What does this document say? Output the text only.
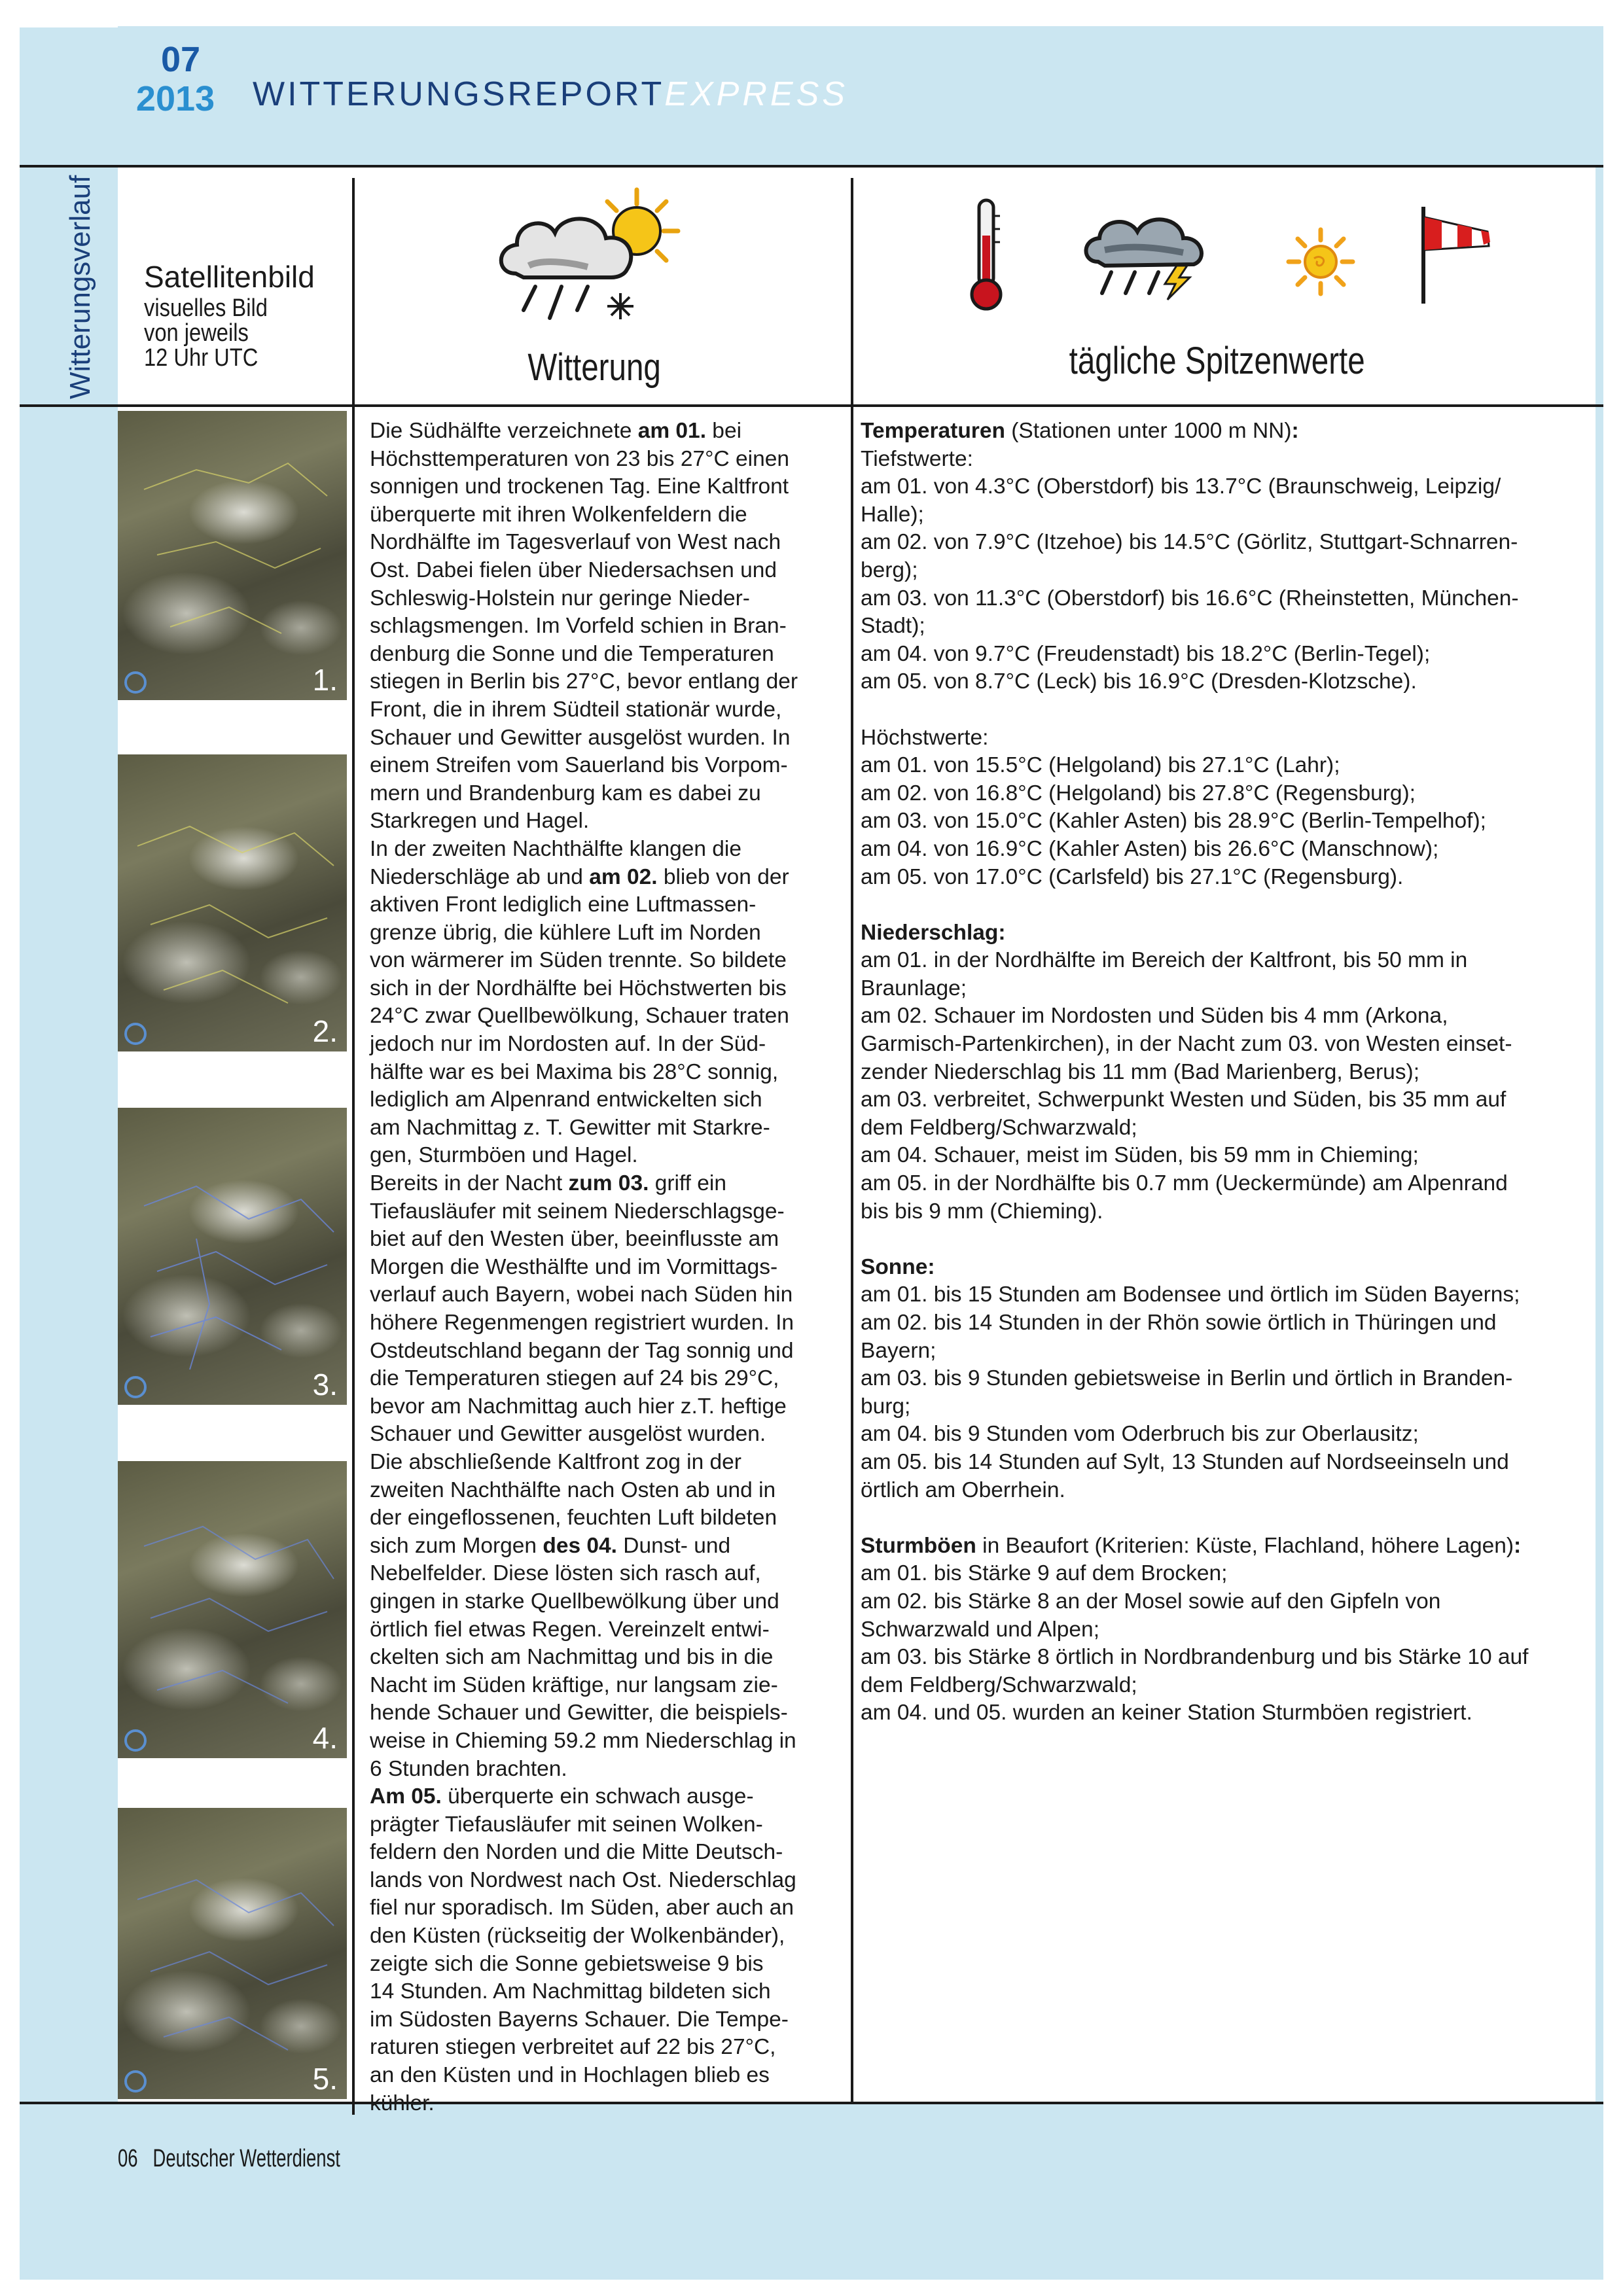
07
2013 WITTERUNGSREPORTEXPRESS
Witterungsverlauf Satellitenbild
visuelles Bild
von jeweils
12 Uhr UTC	Witterung	tägliche Spitzenwerte
1.
2.
3.
4.
5.

Die Südhälfte verzeichnete am 01. bei

Höchsttemperaturen von 23 bis 27°C einen

sonnigen und trockenen Tag. Eine Kaltfront

überquerte mit ihren Wolkenfeldern die

Nordhälfte im Tagesverlauf von West nach

Ost. Dabei fielen über Niedersachsen und

Schleswig-Holstein nur geringe Nieder-

schlagsmengen. Im Vorfeld schien in Bran-

denburg die Sonne und die Temperaturen

stiegen in Berlin bis 27°C, bevor entlang der

Front, die in ihrem Südteil stationär wurde,

Schauer und Gewitter ausgelöst wurden. In

einem Streifen vom Sauerland bis Vorpom-

mern und Brandenburg kam es dabei zu

Starkregen und Hagel.

In der zweiten Nachthälfte klangen die

Niederschläge ab und am 02. blieb von der

aktiven Front lediglich eine Luftmassen-

grenze übrig, die kühlere Luft im Norden

von wärmerer im Süden trennte. So bildete

sich in der Nordhälfte bei Höchstwerten bis

24°C zwar Quellbewölkung, Schauer traten

jedoch nur im Nordosten auf. In der Süd-

hälfte war es bei Maxima bis 28°C sonnig,

lediglich am Alpenrand entwickelten sich

am Nachmittag z. T. Gewitter mit Starkre-

gen, Sturmböen und Hagel.

Bereits in der Nacht zum 03. griff ein

Tiefausläufer mit seinem Niederschlagsge-

biet auf den Westen über, beeinflusste am

Morgen die Westhälfte und im Vormittags-

verlauf auch Bayern, wobei nach Süden hin

höhere Regenmengen registriert wurden. In

Ostdeutschland begann der Tag sonnig und

die Temperaturen stiegen auf 24 bis 29°C,

bevor am Nachmittag auch hier z.T. heftige

Schauer und Gewitter ausgelöst wurden.

Die abschließende Kaltfront zog in der

zweiten Nachthälfte nach Osten ab und in

der eingeflossenen, feuchten Luft bildeten

sich zum Morgen des 04. Dunst- und

Nebelfelder. Diese lösten sich rasch auf,

gingen in starke Quellbewölkung über und

örtlich fiel etwas Regen. Vereinzelt entwi-

ckelten sich am Nachmittag und bis in die

Nacht im Süden kräftige, nur langsam zie-

hende Schauer und Gewitter, die beispiels-

weise in Chieming 59.2 mm Niederschlag in

6 Stunden brachten.

Am 05. überquerte ein schwach ausge-

prägter Tiefausläufer mit seinen Wolken-

feldern den Norden und die Mitte Deutsch-

lands von Nordwest nach Ost. Niederschlag

fiel nur sporadisch. Im Süden, aber auch an

den Küsten (rückseitig der Wolkenbänder),

zeigte sich die Sonne gebietsweise 9 bis

14 Stunden. Am Nachmittag bildeten sich

im Südosten Bayerns Schauer. Die Tempe-

raturen stiegen verbreitet auf 22 bis 27°C,

an den Küsten und in Hochlagen blieb es

kühler.

Temperaturen (Stationen unter 1000 m NN):

Tiefstwerte:

am 01. von 4.3°C (Oberstdorf) bis 13.7°C (Braunschweig, Leipzig/

Halle);

am 02. von 7.9°C (Itzehoe) bis 14.5°C (Görlitz, Stuttgart-Schnarren-

berg);

am 03. von 11.3°C (Oberstdorf) bis 16.6°C (Rheinstetten, München-

Stadt);

am 04. von 9.7°C (Freudenstadt) bis 18.2°C (Berlin-Tegel);

am 05. von 8.7°C (Leck) bis 16.9°C (Dresden-Klotzsche).

Höchstwerte:

am 01. von 15.5°C (Helgoland) bis 27.1°C (Lahr);

am 02. von 16.8°C (Helgoland) bis 27.8°C (Regensburg);

am 03. von 15.0°C (Kahler Asten) bis 28.9°C (Berlin-Tempelhof);

am 04. von 16.9°C (Kahler Asten) bis 26.6°C (Manschnow);

am 05. von 17.0°C (Carlsfeld) bis 27.1°C (Regensburg).

Niederschlag:

am 01. in der Nordhälfte im Bereich der Kaltfront, bis 50 mm in

Braunlage;

am 02. Schauer im Nordosten und Süden bis 4 mm (Arkona,

Garmisch-Partenkirchen), in der Nacht zum 03. von Westen einset-

zender Niederschlag bis 11 mm (Bad Marienberg, Berus);

am 03. verbreitet, Schwerpunkt Westen und Süden, bis 35 mm auf

dem Feldberg/Schwarzwald;

am 04. Schauer, meist im Süden, bis 59 mm in Chieming;

am 05. in der Nordhälfte bis 0.7 mm (Ueckermünde) am Alpenrand

bis bis 9 mm (Chieming).

Sonne:

am 01. bis 15 Stunden am Bodensee und örtlich im Süden Bayerns;

am 02. bis 14 Stunden in der Rhön sowie örtlich in Thüringen und

Bayern;

am 03. bis 9 Stunden gebietsweise in Berlin und örtlich in Branden-

burg;

am 04. bis 9 Stunden vom Oderbruch bis zur Oberlausitz;

am 05. bis 14 Stunden auf Sylt, 13 Stunden auf Nordseeinseln und

örtlich am Oberrhein.

Sturmböen in Beaufort (Kriterien: Küste, Flachland, höhere Lagen):

am 01. bis Stärke 9 auf dem Brocken;

am 02. bis Stärke 8 an der Mosel sowie auf den Gipfeln von

Schwarzwald und Alpen;

am 03. bis Stärke 8 örtlich in Nordbrandenburg und bis Stärke 10 auf

dem Feldberg/Schwarzwald;

am 04. und 05. wurden an keiner Station Sturmböen registriert.

06 Deutscher Wetterdienst
